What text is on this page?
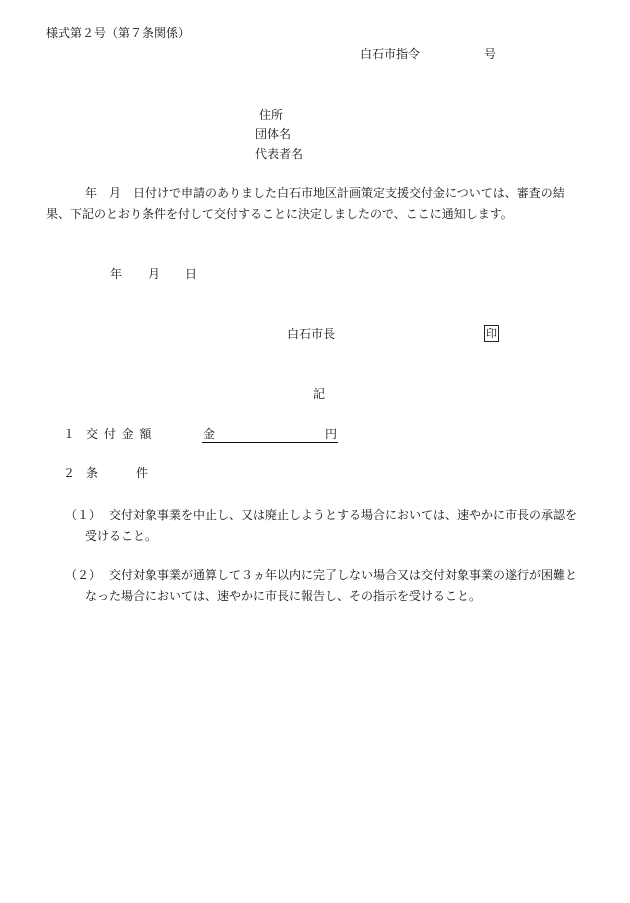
様式第２号（第７条関係）
白石市指令	号
住所
団体名
代表者名
年　月　日付けで申請のありました白石市地区計画策定支援交付金については、審査の結
果、下記のとおり条件を付して交付することに決定しましたので、ここに通知します。
年 月 日
白石市長	印
記
１ 交 付 金 額	金	円
２ 条	件
（１） 交付対象事業を中止し、又は廃止しようとする場合においては、速やかに市長の承認を
受けること。
（２） 交付対象事業が通算して３ヵ年以内に完了しない場合又は交付対象事業の遂行が困難と
なった場合においては、速やかに市長に報告し、その指示を受けること。
